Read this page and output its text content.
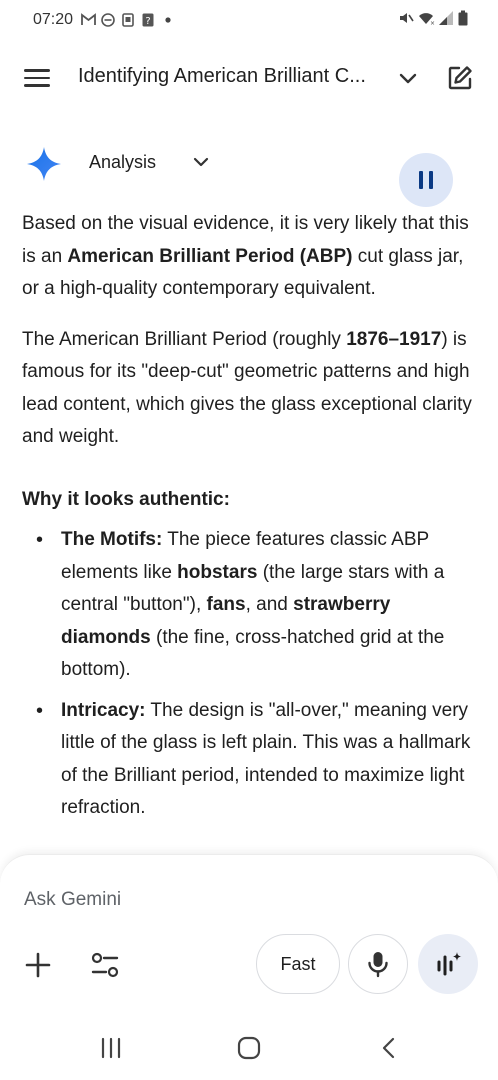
07:20	?	×
Identifying American Brilliant C...
Analysis

Based on the visual evidence, it is very likely that this is an American Brilliant Period (ABP) cut glass jar, or a high-quality contemporary equivalent.

The American Brilliant Period (roughly 1876–1917) is famous for its "deep-cut" geometric patterns and high lead content, which gives the glass exceptional clarity and weight.

Why it looks authentic:

• The Motifs: The piece features classic ABP elements like hobstars (the large stars with a central "button"), fans, and strawberry diamonds (the fine, cross-hatched grid at the bottom).
• Intricacy: The design is "all-over," meaning very little of the glass is left plain. This was a hallmark of the Brilliant period, intended to maximize light refraction.
Ask Gemini
Fast
